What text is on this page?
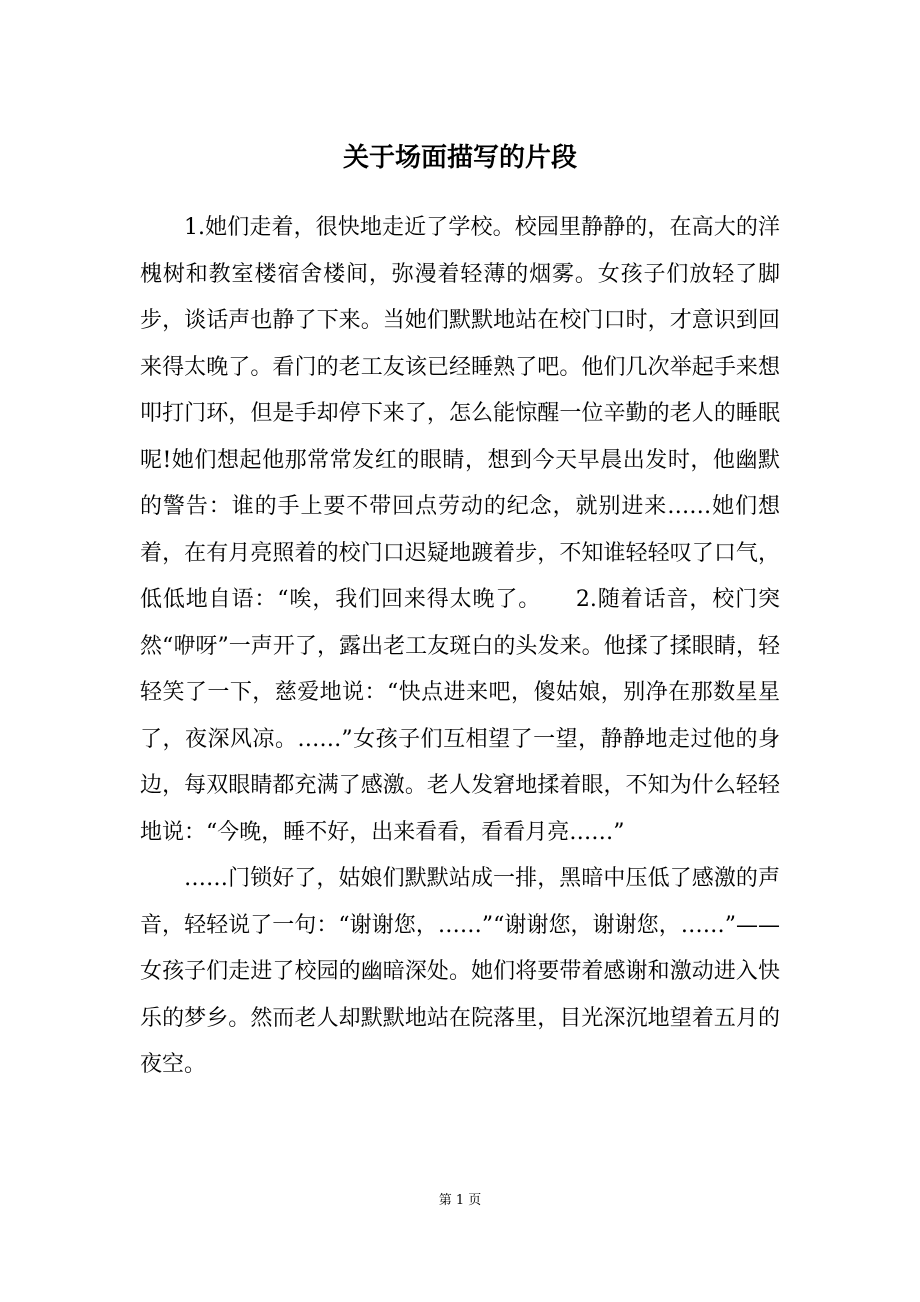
关于场面描写的片段

1.她们走着，很快地走近了学校。校园里静静的，在高大的洋槐树和教室楼宿舍楼间，弥漫着轻薄的烟雾。女孩子们放轻了脚步，谈话声也静了下来。当她们默默地站在校门口时，才意识到回来得太晚了。看门的老工友该已经睡熟了吧。他们几次举起手来想叩打门环，但是手却停下来了，怎么能惊醒一位辛勤的老人的睡眠呢!她们想起他那常常发红的眼睛，想到今天早晨出发时，他幽默的警告：谁的手上要不带回点劳动的纪念，就别进来……她们想着，在有月亮照着的校门口迟疑地踱着步，不知谁轻轻叹了口气，低低地自语：“唉，我们回来得太晚了。　　2.随着话音，校门突然“咿呀”一声开了，露出老工友斑白的头发来。他揉了揉眼睛，轻轻笑了一下，慈爱地说：“快点进来吧，傻姑娘，别净在那数星星了，夜深风凉。……”女孩子们互相望了一望，静静地走过他的身边，每双眼睛都充满了感激。老人发窘地揉着眼，不知为什么轻轻地说：“今晚，睡不好，出来看看，看看月亮……”

……门锁好了，姑娘们默默站成一排，黑暗中压低了感激的声音，轻轻说了一句：“谢谢您，……”“谢谢您，谢谢您，……”——女孩子们走进了校园的幽暗深处。她们将要带着感谢和激动进入快乐的梦乡。然而老人却默默地站在院落里，目光深沉地望着五月的夜空。

第 1 页
